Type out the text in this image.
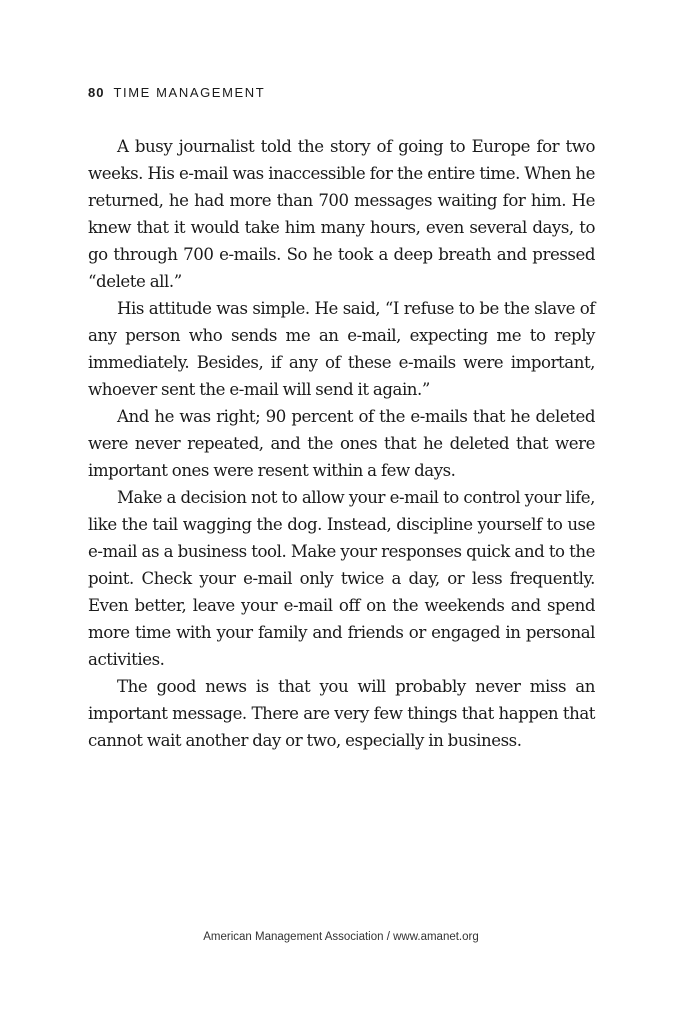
80 TIME MANAGEMENT

A busy journalist told the story of going to Europe for two weeks. His e-mail was inaccessible for the entire time. When he returned, he had more than 700 messages waiting for him. He knew that it would take him many hours, even several days, to go through 700 e-mails. So he took a deep breath and pressed “delete all.”

His attitude was simple. He said, “I refuse to be the slave of any person who sends me an e-mail, expecting me to reply immediately. Besides, if any of these e-mails were important, whoever sent the e-mail will send it again.”

And he was right; 90 percent of the e-mails that he deleted were never repeated, and the ones that he deleted that were important ones were resent within a few days.

Make a decision not to allow your e-mail to control your life, like the tail wagging the dog. Instead, discipline yourself to use e-mail as a business tool. Make your responses quick and to the point. Check your e-mail only twice a day, or less frequently. Even better, leave your e-mail off on the weekends and spend more time with your family and friends or engaged in personal activities.

The good news is that you will probably never miss an important message. There are very few things that happen that cannot wait another day or two, especially in business.

American Management Association / www.amanet.org
